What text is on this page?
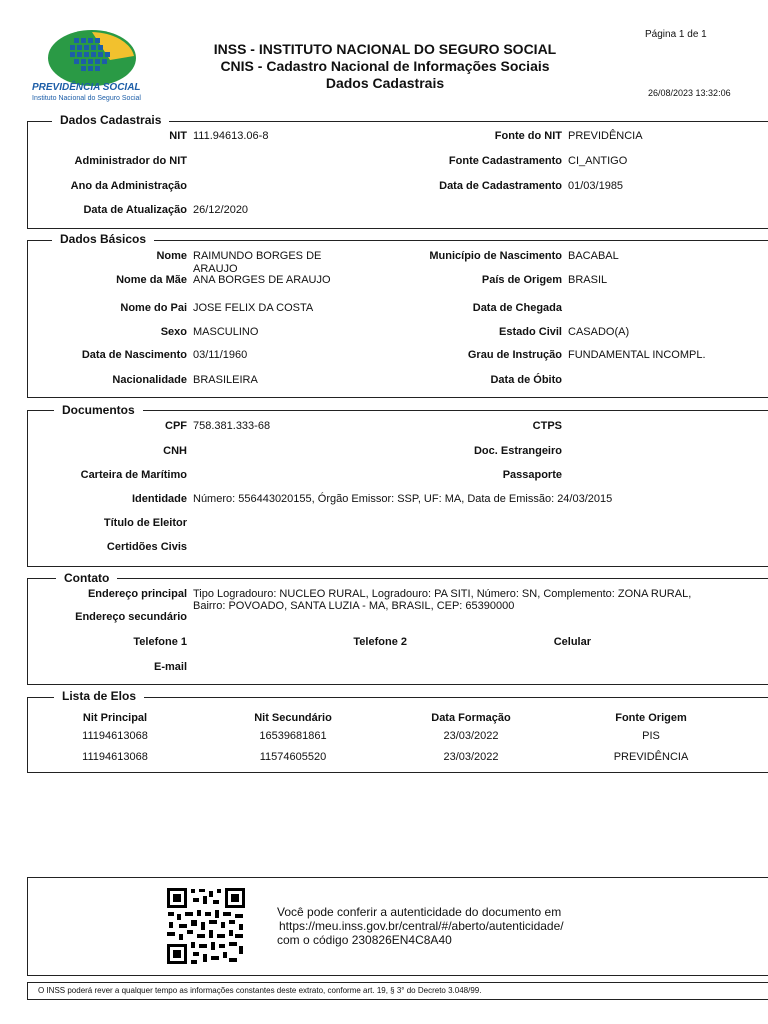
PREVIDÊNCIA SOCIAL
Instituto Nacional do Seguro Social
INSS - INSTITUTO NACIONAL DO SEGURO SOCIAL
CNIS - Cadastro Nacional de Informações Sociais
Dados Cadastrais
Página 1 de 1
26/08/2023 13:32:06
Dados Cadastrais
NIT 111.94613.06-8	Fonte do NIT PREVIDÊNCIA
Administrador do NIT	Fonte Cadastramento CI_ANTIGO
Ano da Administração	Data de Cadastramento 01/03/1985
Data de Atualização 26/12/2020
Dados Básicos
Nome RAIMUNDO BORGES DE
ARAUJO
Município de Nascimento BACABAL
Nome da Mãe ANA BORGES DE ARAUJO	País de Origem BRASIL
Nome do Pai JOSE FELIX DA COSTA	Data de Chegada
Sexo MASCULINO	Estado Civil CASADO(A)
Data de Nascimento 03/11/1960	Grau de Instrução FUNDAMENTAL INCOMPL.
Nacionalidade BRASILEIRA	Data de Óbito
Documentos
CPF 758.381.333-68	CTPS
CNH	Doc. Estrangeiro
Carteira de Marítimo	Passaporte
Identidade Número: 556443020155, Órgão Emissor: SSP, UF: MA, Data de Emissão: 24/03/2015
Título de Eleitor
Certidões Civis
Contato
Endereço principal Tipo Logradouro: NUCLEO RURAL, Logradouro: PA SITI, Número: SN, Complemento: ZONA RURAL,
Bairro: POVOADO, SANTA LUZIA - MA, BRASIL, CEP: 65390000
Endereço secundário
Telefone 1	Telefone 2	Celular
E-mail
Lista de Elos
Nit Principal	Nit Secundário	Data Formação	Fonte Origem
11194613068	16539681861	23/03/2022	PIS
11194613068	11574605520	23/03/2022	PREVIDÊNCIA
Você pode conferir a autenticidade do documento em
https://meu.inss.gov.br/central/#/aberto/autenticidade/
com o código 230826EN4C8A40
O INSS poderá rever a qualquer tempo as informações constantes deste extrato, conforme art. 19, § 3° do Decreto 3.048/99.
